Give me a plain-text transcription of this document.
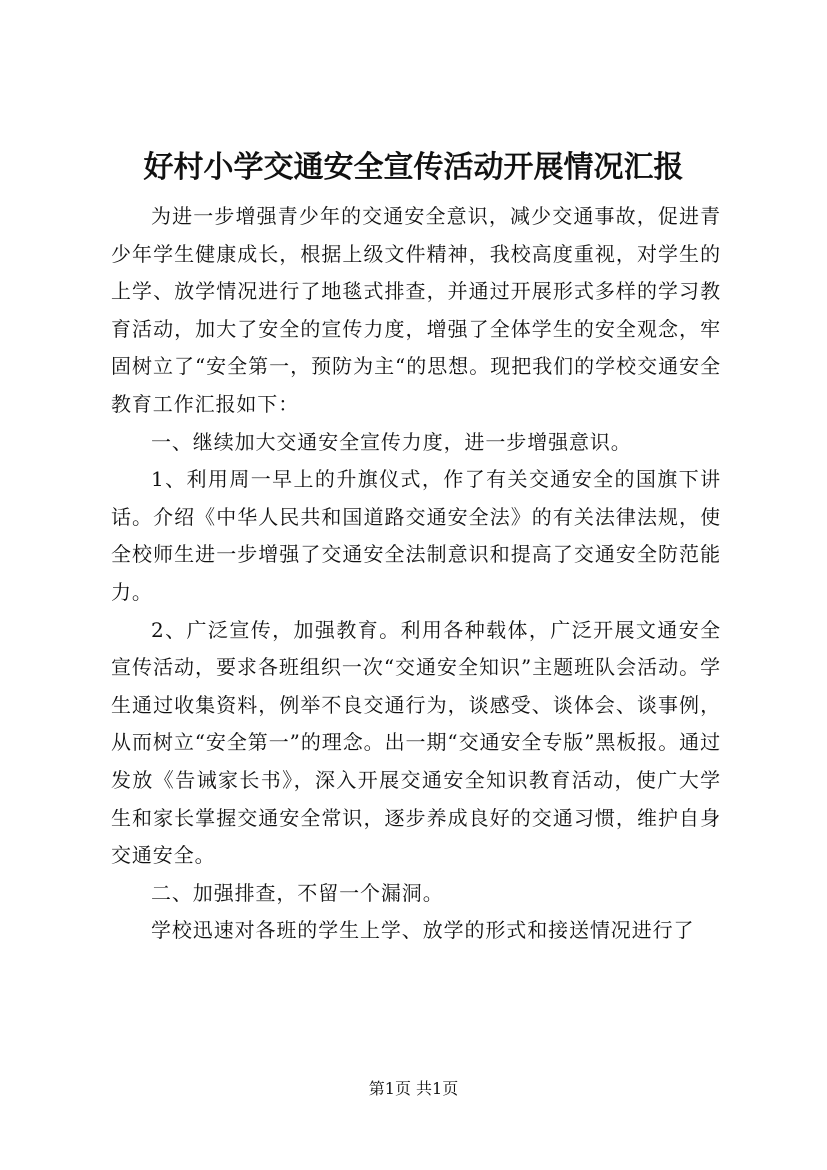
好村小学交通安全宣传活动开展情况汇报

为进一步增强青少年的交通安全意识，减少交通事故，促进青少年学生健康成长，根据上级文件精神，我校高度重视，对学生的上学、放学情况进行了地毯式排查，并通过开展形式多样的学习教育活动，加大了安全的宣传力度，增强了全体学生的安全观念，牢固树立了“安全第一，预防为主“的思想。现把我们的学校交通安全教育工作汇报如下：

一、继续加大交通安全宣传力度，进一步增强意识。

1、利用周一早上的升旗仪式，作了有关交通安全的国旗下讲话。介绍《中华人民共和国道路交通安全法》的有关法律法规，使全校师生进一步增强了交通安全法制意识和提高了交通安全防范能力。

2、广泛宣传，加强教育。利用各种载体，广泛开展文通安全宣传活动，要求各班组织一次“交通安全知识”主题班队会活动。学生通过收集资料，例举不良交通行为，谈感受、谈体会、谈事例，从而树立“安全第一”的理念。出一期“交通安全专版”黑板报。通过发放《告诫家长书》，深入开展交通安全知识教育活动，使广大学生和家长掌握交通安全常识，逐步养成良好的交通习惯，维护自身交通安全。

二、加强排查，不留一个漏洞。

学校迅速对各班的学生上学、放学的形式和接送情况进行了

第1页 共1页
